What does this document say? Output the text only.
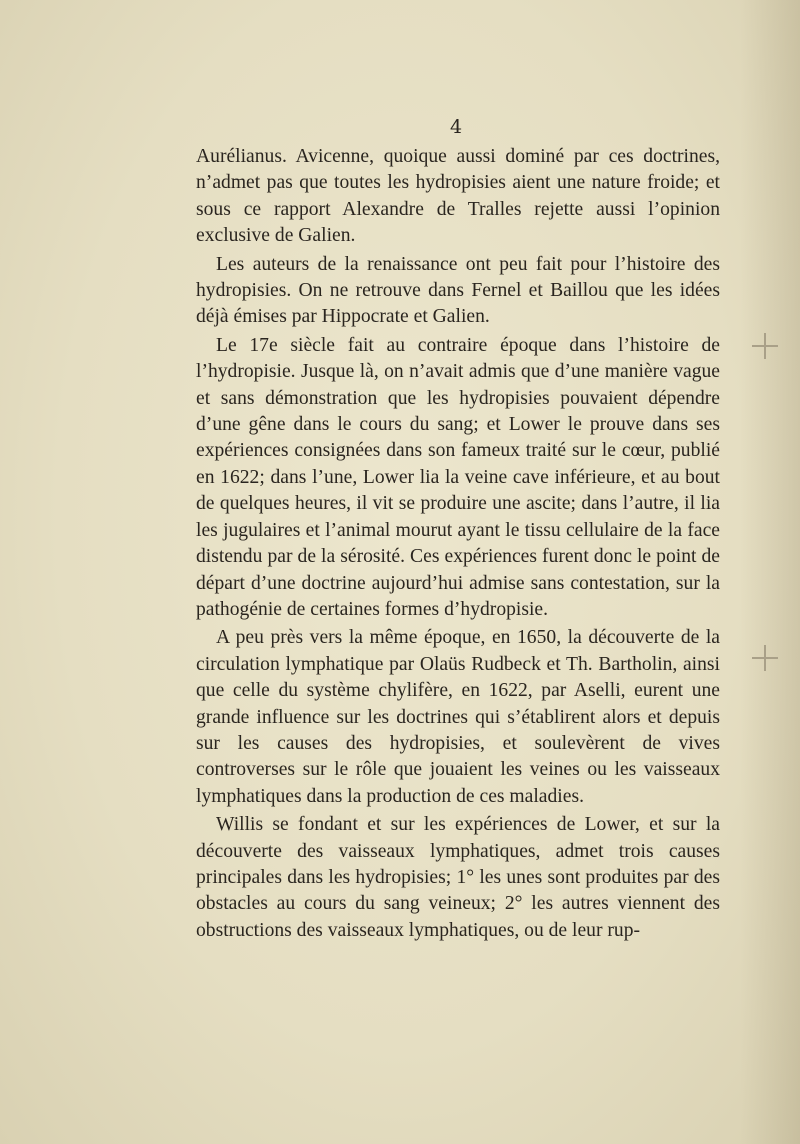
4

Aurélianus. Avicenne, quoique aussi dominé par ces doctrines, n’admet pas que toutes les hydropisies aient une nature froide; et sous ce rapport Alexandre de Tralles rejette aussi l’opinion exclusive de Galien.

Les auteurs de la renaissance ont peu fait pour l’histoire des hydropisies. On ne retrouve dans Fernel et Baillou que les idées déjà émises par Hippocrate et Galien.

Le 17e siècle fait au contraire époque dans l’histoire de l’hydropisie. Jusque là, on n’avait admis que d’une manière vague et sans démonstration que les hydropisies pouvaient dépendre d’une gêne dans le cours du sang; et Lower le prouve dans ses expériences consignées dans son fameux traité sur le cœur, publié en 1622; dans l’une, Lower lia la veine cave inférieure, et au bout de quelques heures, il vit se produire une ascite; dans l’autre, il lia les jugulaires et l’animal mourut ayant le tissu cellulaire de la face distendu par de la sérosité. Ces expériences furent donc le point de départ d’une doctrine aujourd’hui admise sans contestation, sur la pathogénie de certaines formes d’hydropisie.

A peu près vers la même époque, en 1650, la découverte de la circulation lymphatique par Olaüs Rudbeck et Th. Bartholin, ainsi que celle du système chylifère, en 1622, par Aselli, eurent une grande influence sur les doctrines qui s’établirent alors et depuis sur les causes des hydropisies, et soulevèrent de vives controverses sur le rôle que jouaient les veines ou les vaisseaux lymphatiques dans la production de ces maladies.

Willis se fondant et sur les expériences de Lower, et sur la découverte des vaisseaux lymphatiques, admet trois causes principales dans les hydropisies; 1° les unes sont produites par des obstacles au cours du sang veineux; 2° les autres viennent des obstructions des vaisseaux lymphatiques, ou de leur rup-
